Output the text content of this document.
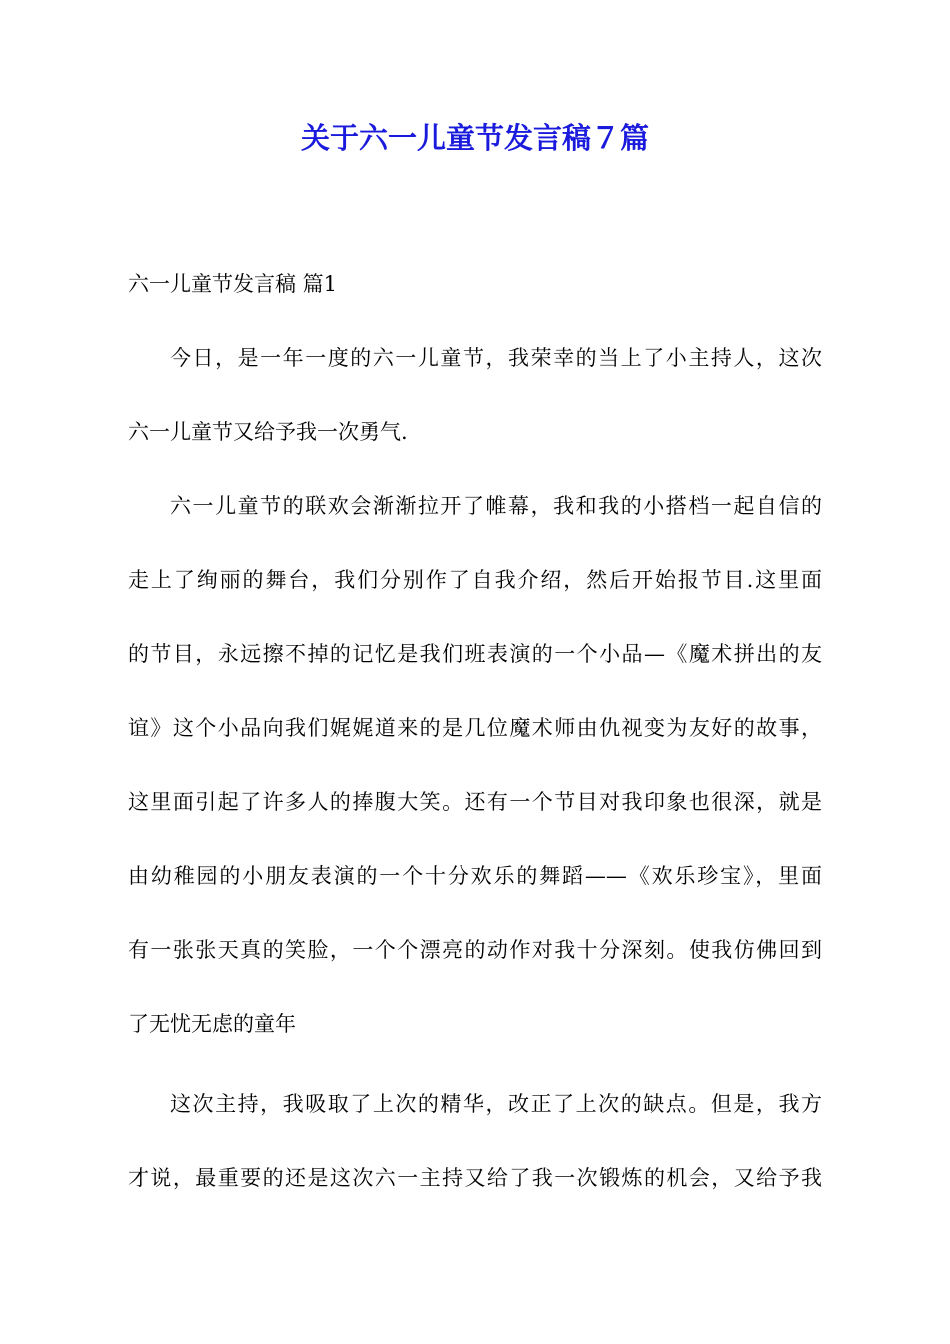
关于六一儿童节发言稿７篇
六一儿童节发言稿 篇1
今日，是一年一度的六一儿童节，我荣幸的当上了小主持人，这次
六一儿童节又给予我一次勇气.
六一儿童节的联欢会渐渐拉开了帷幕，我和我的小搭档一起自信的
走上了绚丽的舞台，我们分别作了自我介绍，然后开始报节目.这里面
的节目，永远擦不掉的记忆是我们班表演的一个小品—《魔术拼出的友
谊》这个小品向我们娓娓道来的是几位魔术师由仇视变为友好的故事，
这里面引起了许多人的捧腹大笑。还有一个节目对我印象也很深，就是
由幼稚园的小朋友表演的一个十分欢乐的舞蹈——《欢乐珍宝》，里面
有一张张天真的笑脸，一个个漂亮的动作对我十分深刻。使我仿佛回到
了无忧无虑的童年
这次主持，我吸取了上次的精华，改正了上次的缺点。但是，我方
才说，最重要的还是这次六一主持又给了我一次锻炼的机会，又给予我
